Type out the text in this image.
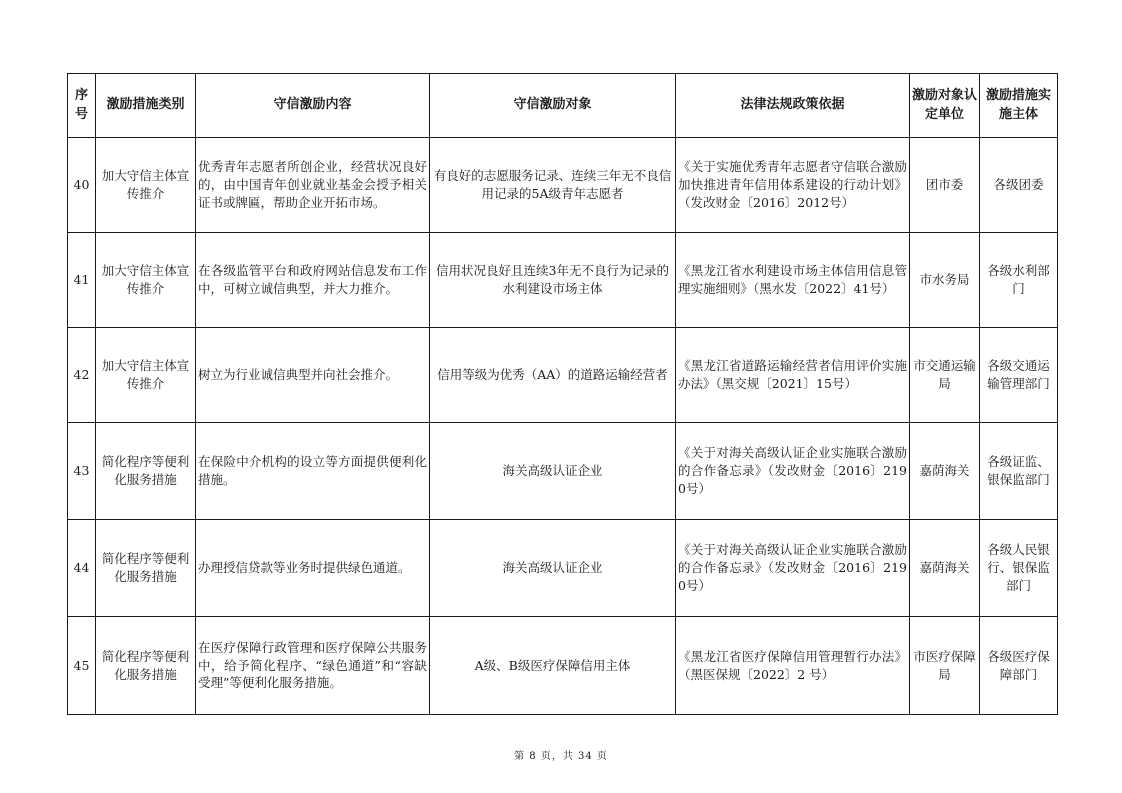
序号	激励措施类别	守信激励内容	守信激励对象	法律法规政策依据	激励对象认定单位	激励措施实施主体
40	加大守信主体宣传推介	优秀青年志愿者所创企业，经营状况良好的，由中国青年创业就业基金会授予相关证书或牌匾，帮助企业开拓市场。	有良好的志愿服务记录、连续三年无不良信用记录的5A级青年志愿者	《关于实施优秀青年志愿者守信联合激励加快推进青年信用体系建设的行动计划》（发改财金〔2016〕2012号）	团市委	各级团委
41	加大守信主体宣传推介	在各级监管平台和政府网站信息发布工作中，可树立诚信典型，并大力推介。	信用状况良好且连续3年无不良行为记录的水利建设市场主体	《黑龙江省水利建设市场主体信用信息管理实施细则》（黑水发〔2022〕41号）	市水务局	各级水利部门
42	加大守信主体宣传推介	树立为行业诚信典型并向社会推介。	信用等级为优秀（AA）的道路运输经营者	《黑龙江省道路运输经营者信用评价实施办法》（黑交规〔2021〕15号）	市交通运输局	各级交通运输管理部门
43	简化程序等便利化服务措施	在保险中介机构的设立等方面提供便利化措施。	海关高级认证企业	《关于对海关高级认证企业实施联合激励的合作备忘录》（发改财金〔2016〕2190号）	嘉荫海关	各级证监、银保监部门
44	简化程序等便利化服务措施	办理授信贷款等业务时提供绿色通道。	海关高级认证企业	《关于对海关高级认证企业实施联合激励的合作备忘录》（发改财金〔2016〕2190号）	嘉荫海关	各级人民银行、银保监部门
45	简化程序等便利化服务措施	在医疗保障行政管理和医疗保障公共服务中，给予简化程序、“绿色通道”和“容缺受理”等便利化服务措施。	A级、B级医疗保障信用主体	《黑龙江省医疗保障信用管理暂行办法》（黑医保规〔2022〕2 号）	市医疗保障局	各级医疗保障部门
第 8 页，共 34 页
